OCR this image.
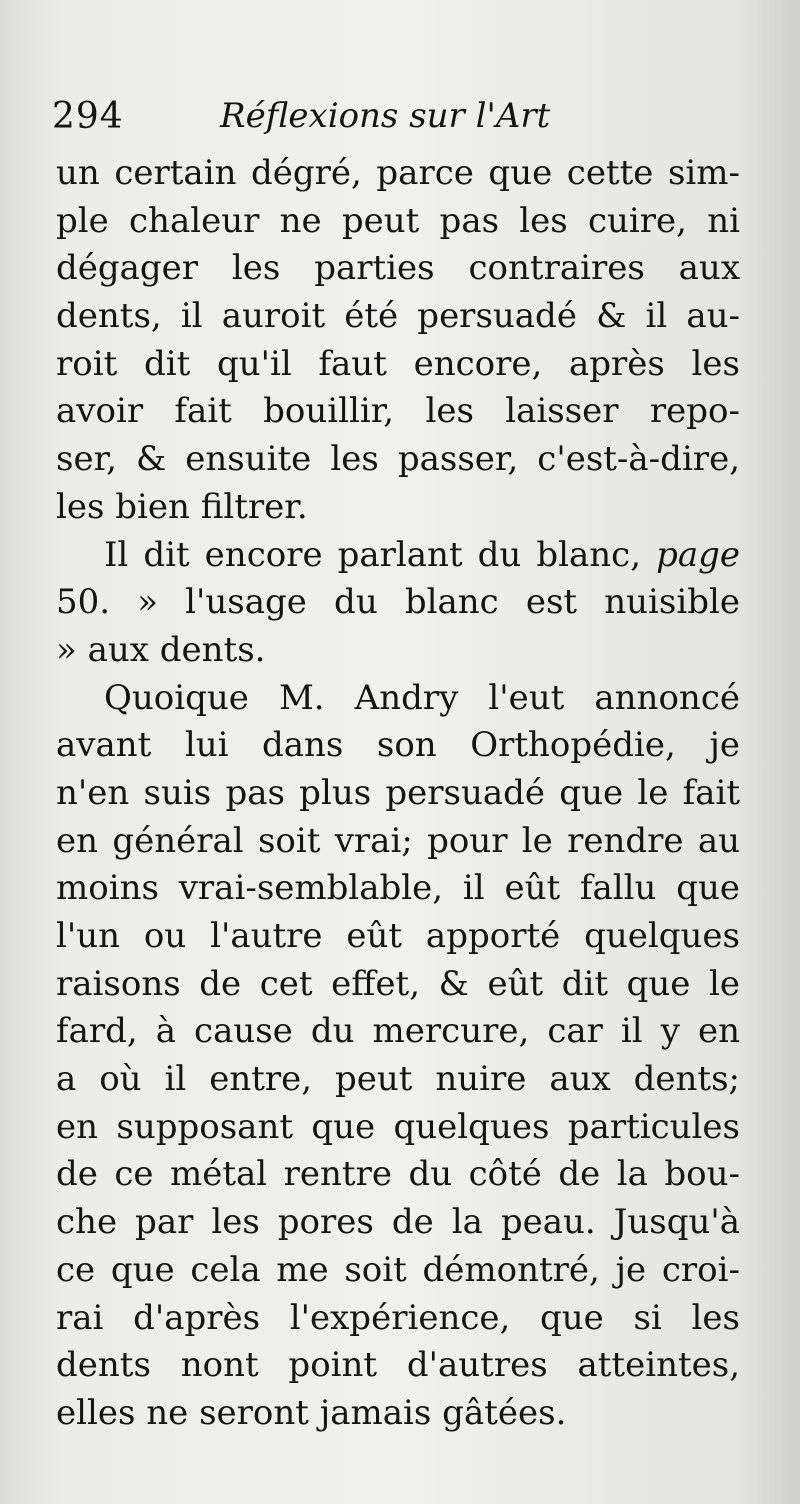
294	Réflexions sur l'Art
un certain dégré, parce que cette sim-
ple chaleur ne peut pas les cuire, ni
dégager les parties contraires aux
dents, il auroit été persuadé & il au-
roit dit qu'il faut encore, après les
avoir fait bouillir, les laisser repo-
ser, & ensuite les passer, c'est-à-dire,
les bien filtrer.
Il dit encore parlant du blanc, page
50. » l'usage du blanc est nuisible
» aux dents.
Quoique M. Andry l'eut annoncé
avant lui dans son Orthopédie, je
n'en suis pas plus persuadé que le fait
en général soit vrai; pour le rendre au
moins vrai-semblable, il eût fallu que
l'un ou l'autre eût apporté quelques
raisons de cet effet, & eût dit que le
fard, à cause du mercure, car il y en
a où il entre, peut nuire aux dents;
en supposant que quelques particules
de ce métal rentre du côté de la bou-
che par les pores de la peau. Jusqu'à
ce que cela me soit démontré, je croi-
rai d'après l'expérience, que si les
dents nont point d'autres atteintes,
elles ne seront jamais gâtées.
